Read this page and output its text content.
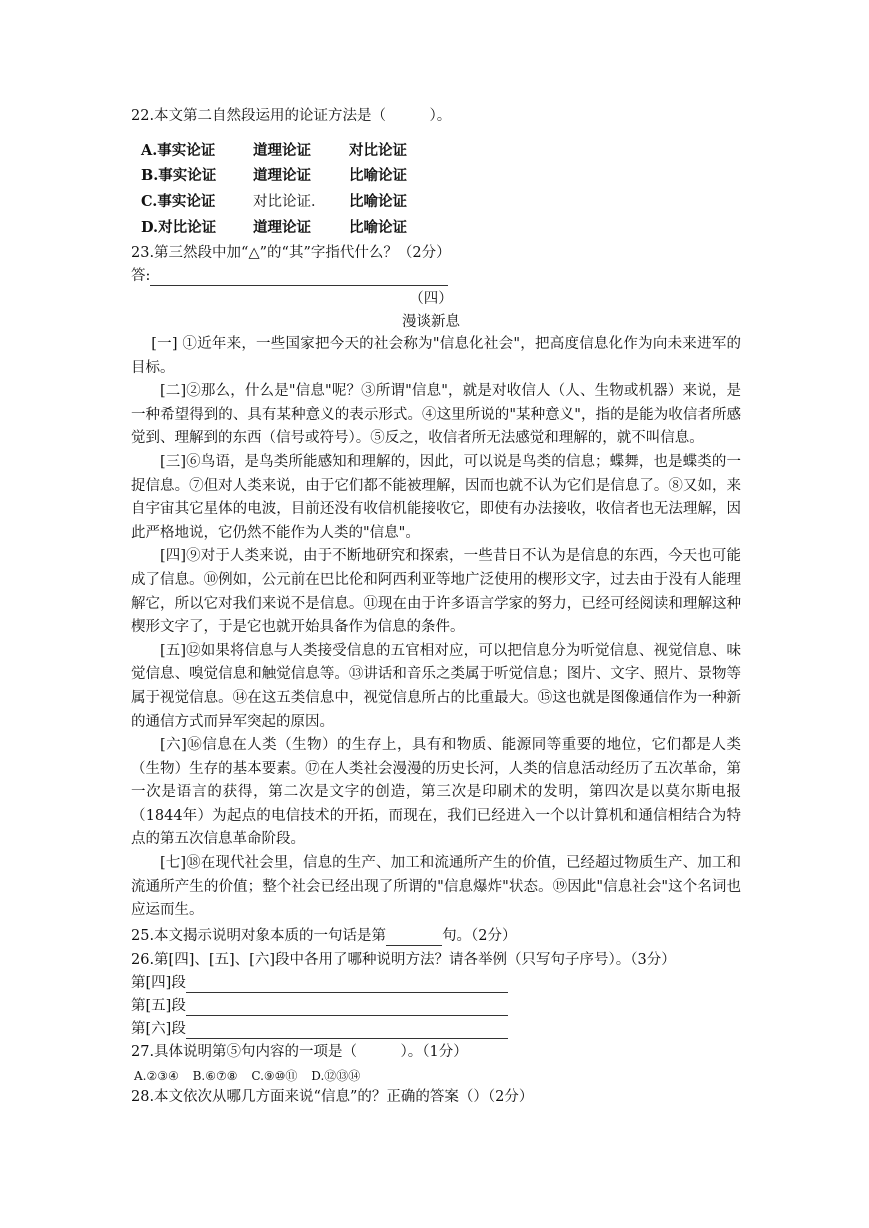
22.本文第二自然段运用的论证方法是（　　　）。
A.事实论证	道理论证	对比论证
B.事实论证	道理论证	比喻论证
C.事实论证	对比论证． 比喻论证
D.对比论证	道理论证	比喻论证
23.第三然段中加“△”的“其”字指代什么？（2分）
答:
（四）
漫谈新息

[一] ①近年来，一些国家把今天的社会称为"信息化社会"，把高度信息化作为向未来进军的目标。

[二]②那么，什么是"信息"呢？③所谓"信息"，就是对收信人（人、生物或机器）来说，是一种希望得到的、具有某种意义的表示形式。④这里所说的"某种意义"，指的是能为收信者所感觉到、理解到的东西（信号或符号）。⑤反之，收信者所无法感觉和理解的，就不叫信息。

[三]⑥鸟语，是鸟类所能感知和理解的，因此，可以说是鸟类的信息；蝶舞，也是蝶类的一捉信息。⑦但对人类来说，由于它们都不能被理解，因而也就不认为它们是信息了。⑧又如，来自宇宙其它星体的电波，目前还没有收信机能接收它，即使有办法接收，收信者也无法理解，因此严格地说，它仍然不能作为人类的"信息"。

[四]⑨对于人类来说，由于不断地研究和探索，一些昔日不认为是信息的东西，今天也可能成了信息。⑩例如，公元前在巴比伦和阿西利亚等地广泛使用的楔形文字，过去由于没有人能理解它，所以它对我们来说不是信息。⑪现在由于许多语言学家的努力，已经可经阅读和理解这种楔形文字了，于是它也就开始具备作为信息的条件。

[五]⑫如果将信息与人类接受信息的五官相对应，可以把信息分为听觉信息、视觉信息、味觉信息、嗅觉信息和触觉信息等。⑬讲话和音乐之类属于听觉信息；图片、文字、照片、景物等属于视觉信息。⑭在这五类信息中，视觉信息所占的比重最大。⑮这也就是图像通信作为一种新的通信方式而异军突起的原因。

[六]⑯信息在人类（生物）的生存上，具有和物质、能源同等重要的地位，它们都是人类（生物）生存的基本要素。⑰在人类社会漫漫的历史长河，人类的信息活动经历了五次革命，第一次是语言的获得，第二次是文字的创造，第三次是印刷术的发明，第四次是以莫尔斯电报（1844年）为起点的电信技术的开拓，而现在，我们已经进入一个以计算机和通信相结合为特点的第五次信息革命阶段。

[七]⑱在现代社会里，信息的生产、加工和流通所产生的价值，已经超过物质生产、加工和流通所产生的价值；整个社会已经出现了所谓的"信息爆炸"状态。⑲因此"信息社会"这个名词也应运而生。

25.本文揭示说明对象本质的一句话是第	句。（2分）
26.第[四]、[五]、[六]段中各用了哪种说明方法？请各举例（只写句子序号）。（3分）
第[四]段
第[五]段
第[六]段
27.具体说明第⑤句内容的一项是（　　　）。（1分）
A.②③④ B.⑥⑦⑧ C.⑨⑩⑪ D.⑫⑬⑭
28.本文依次从哪几方面来说“信息”的？正确的答案（）（2分）
